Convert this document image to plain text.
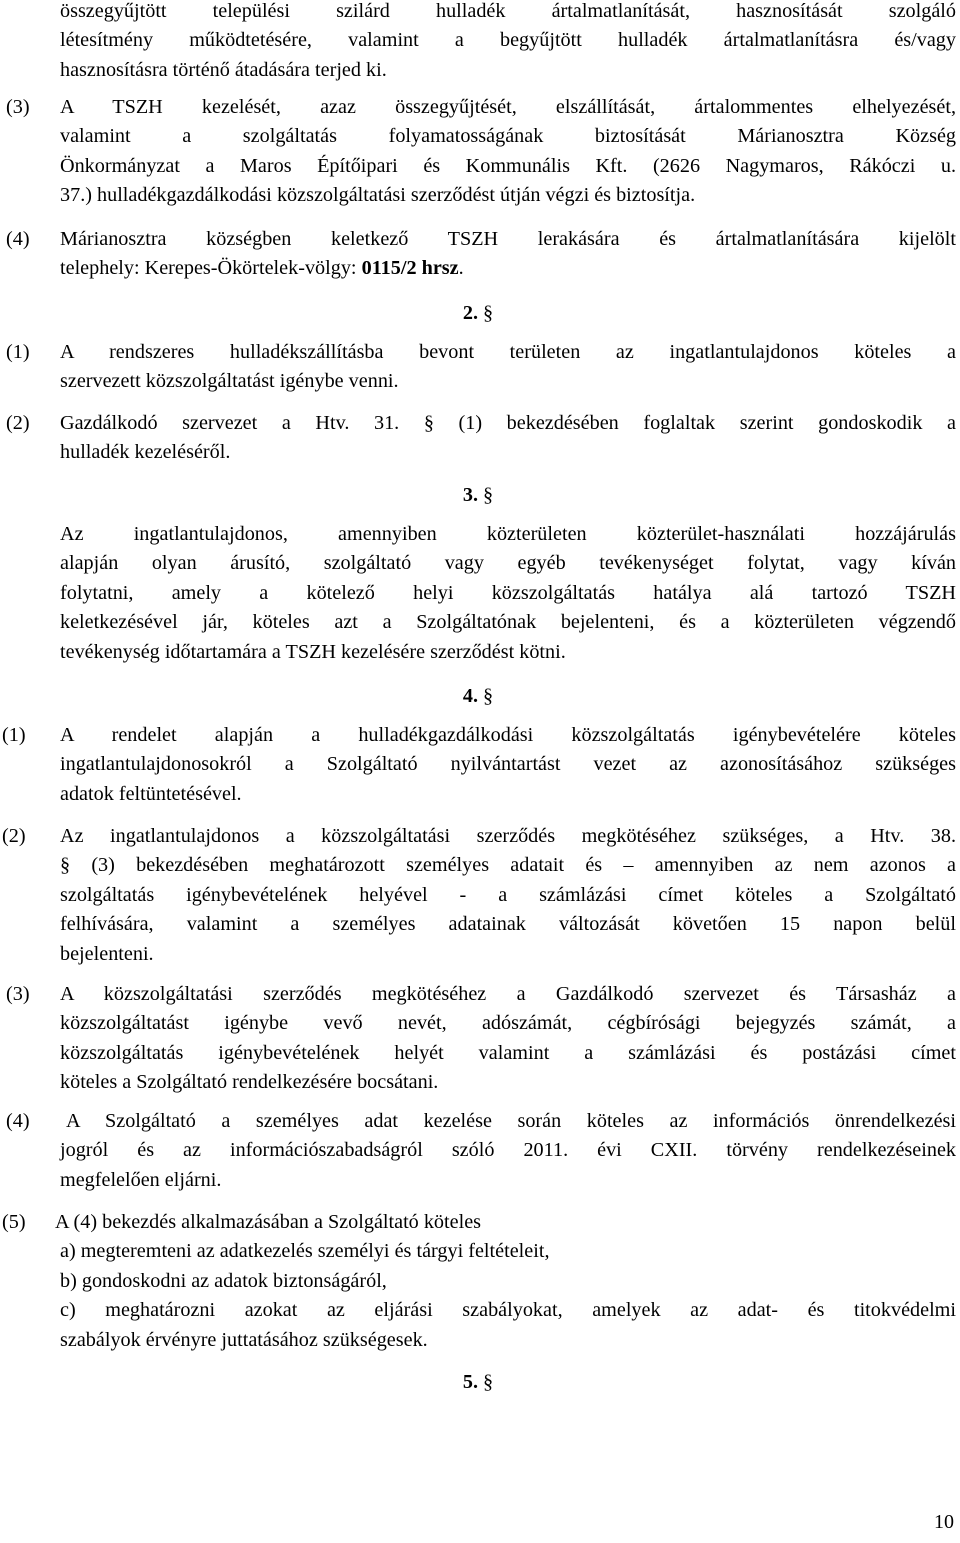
összegyűjtött települési szilárd hulladék ártalmatlanítását, hasznosítását szolgáló
létesítmény működtetésére, valamint a begyűjtött hulladék ártalmatlanításra és/vagy
hasznosításra történő átadására terjed ki.
(3) A TSZH kezelését, azaz összegyűjtését, elszállítását, ártalommentes elhelyezését,
valamint a szolgáltatás folyamatosságának biztosítását Márianosztra Község
Önkormányzat a Maros Építőipari és Kommunális Kft. (2626 Nagymaros, Rákóczi u.
37.) hulladékgazdálkodási közszolgáltatási szerződést útján végzi és biztosítja.
(4) Márianosztra községben keletkező TSZH lerakására és ártalmatlanítására kijelölt
telephely: Kerepes-Ökörtelek-völgy: 0115/2 hrsz.
2. §
(1) A rendszeres hulladékszállításba bevont területen az ingatlantulajdonos köteles a
szervezett közszolgáltatást igénybe venni.
(2) Gazdálkodó szervezet a Htv. 31. § (1) bekezdésében foglaltak szerint gondoskodik a
hulladék kezeléséről.
3. §
Az ingatlantulajdonos, amennyiben közterületen közterület-használati hozzájárulás
alapján olyan árusító, szolgáltató vagy egyéb tevékenységet folytat, vagy kíván
folytatni, amely a kötelező helyi közszolgáltatás hatálya alá tartozó TSZH
keletkezésével jár, köteles azt a Szolgáltatónak bejelenteni, és a közterületen végzendő
tevékenység időtartamára a TSZH kezelésére szerződést kötni.
4. §
(1) A rendelet alapján a hulladékgazdálkodási közszolgáltatás igénybevételére köteles
ingatlantulajdonosokról a Szolgáltató nyilvántartást vezet az azonosításához szükséges
adatok feltüntetésével.
(2) Az ingatlantulajdonos a közszolgáltatási szerződés megkötéséhez szükséges, a Htv. 38.
§ (3) bekezdésében meghatározott személyes adatait és – amennyiben az nem azonos a
szolgáltatás igénybevételének helyével - a számlázási címet köteles a Szolgáltató
felhívására, valamint a személyes adatainak változását követően 15 napon belül
bejelenteni.
(3) A közszolgáltatási szerződés megkötéséhez a Gazdálkodó szervezet és Társasház a
közszolgáltatást igénybe vevő nevét, adószámát, cégbírósági bejegyzés számát, a
közszolgáltatás igénybevételének helyét valamint a számlázási és postázási címet
köteles a Szolgáltató rendelkezésére bocsátani.
(4) A Szolgáltató a személyes adat kezelése során köteles az információs önrendelkezési
jogról és az információszabadságról szóló 2011. évi CXII. törvény rendelkezéseinek
megfelelően eljárni.
(5) A (4) bekezdés alkalmazásában a Szolgáltató köteles
a) megteremteni az adatkezelés személyi és tárgyi feltételeit,
b) gondoskodni az adatok biztonságáról,
c) meghatározni azokat az eljárási szabályokat, amelyek az adat- és titokvédelmi
szabályok érvényre juttatásához szükségesek.
5. §
10
